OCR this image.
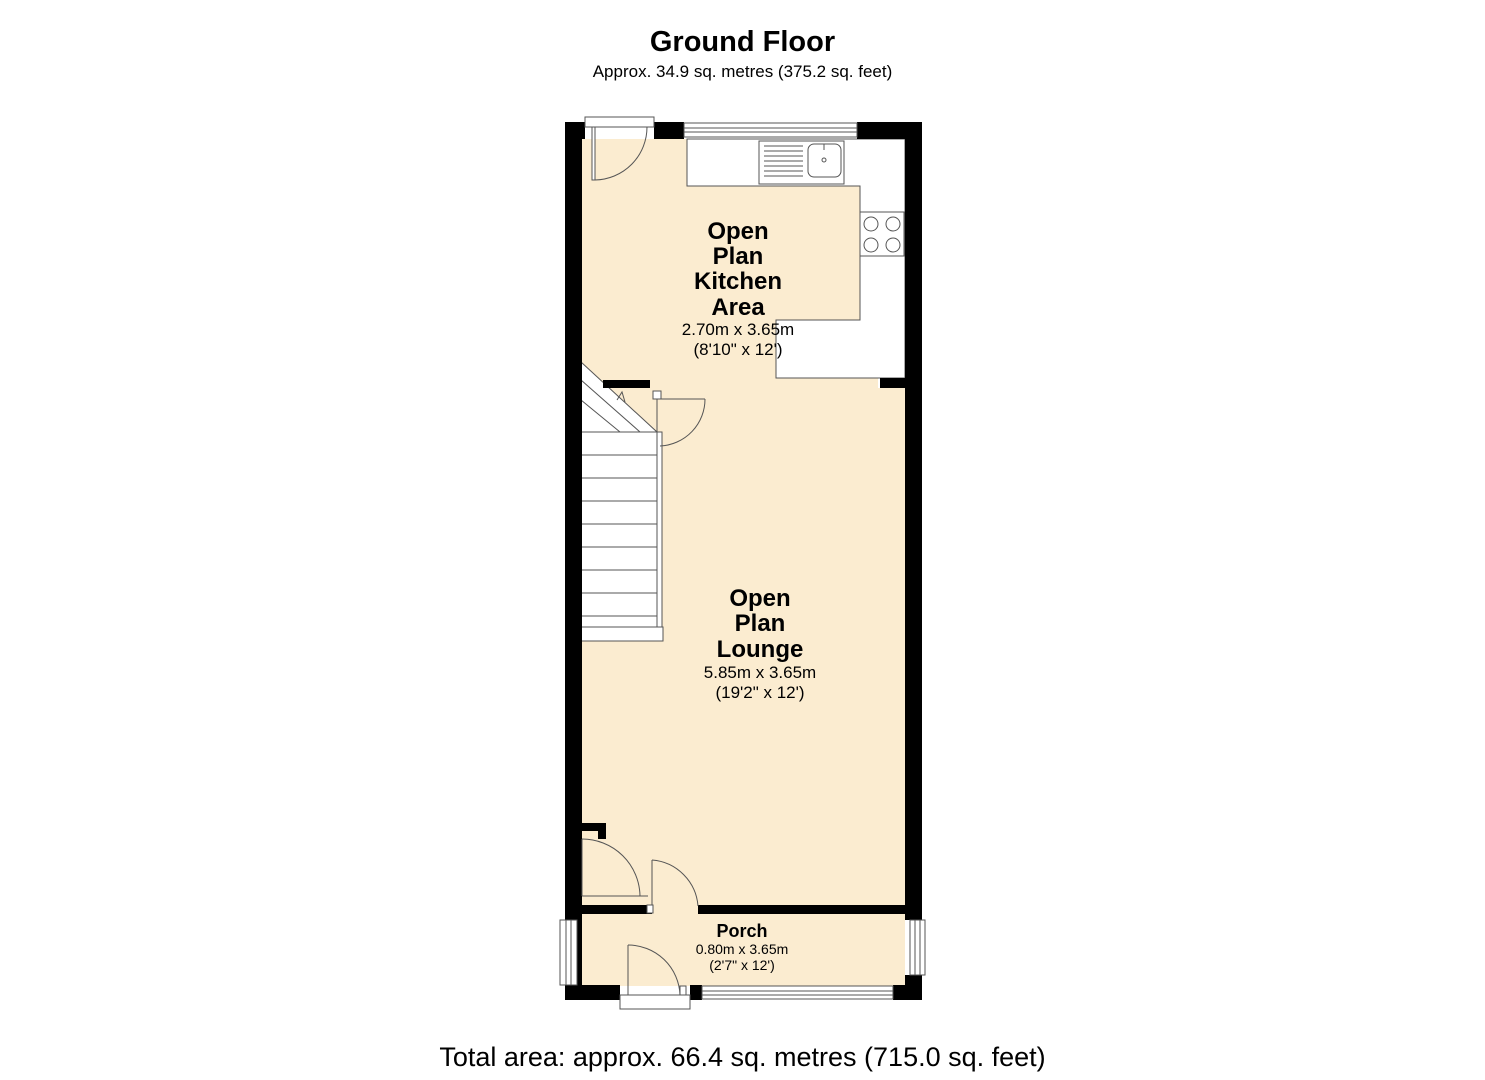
Ground Floor
Approx. 34.9 sq. metres (375.2 sq. feet)
Open
Plan
Kitchen
Area
2.70m x 3.65m
(8'10" x 12')
Open
Plan
Lounge
5.85m x 3.65m
(19'2" x 12')
Porch
0.80m x 3.65m
(2'7" x 12')
Total area: approx. 66.4 sq. metres (715.0 sq. feet)
